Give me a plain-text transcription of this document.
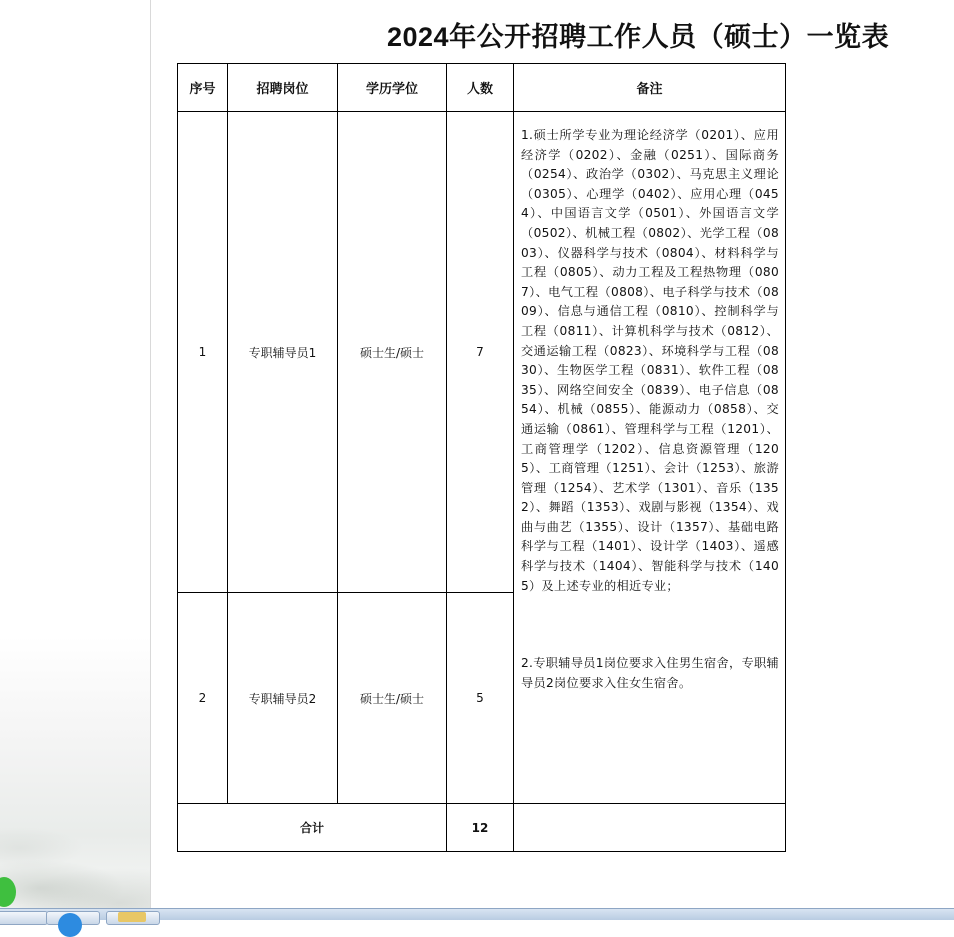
2024年公开招聘工作人员（硕士）一览表
序号	招聘岗位	学历学位	人数	备注
1	专职辅导员1	硕士生/硕士	7	1.硕士所学专业为理论经济学（0201）、应用经济学（0202）、金融（0251）、国际商务（0254）、政治学（0302）、马克思主义理论（0305）、心理学（0402）、应用心理（0454）、中国语言文学（0501）、外国语言文学（0502）、机械工程（0802）、光学工程（0803）、仪器科学与技术（0804）、材料科学与工程（0805）、动力工程及工程热物理（0807）、电气工程（0808）、电子科学与技术（0809）、信息与通信工程（0810）、控制科学与工程（0811）、计算机科学与技术（0812）、交通运输工程（0823）、环境科学与工程（0830）、生物医学工程（0831）、软件工程（0835）、网络空间安全（0839）、电子信息（0854）、机械（0855）、能源动力（0858）、交通运输（0861）、管理科学与工程（1201）、工商管理学（1202）、信息资源管理（1205）、工商管理（1251）、会计（1253）、旅游管理（1254）、艺术学（1301）、音乐（1352）、舞蹈（1353）、戏剧与影视（1354）、戏曲与曲艺（1355）、设计（1357）、基础电路科学与工程（1401）、设计学（1403）、遥感科学与技术（1404）、智能科学与技术（1405）及上述专业的相近专业；

2.专职辅导员1岗位要求入住男生宿舍，专职辅导员2岗位要求入住女生宿舍。

2	专职辅导员2	硕士生/硕士	5	
合计			12	
